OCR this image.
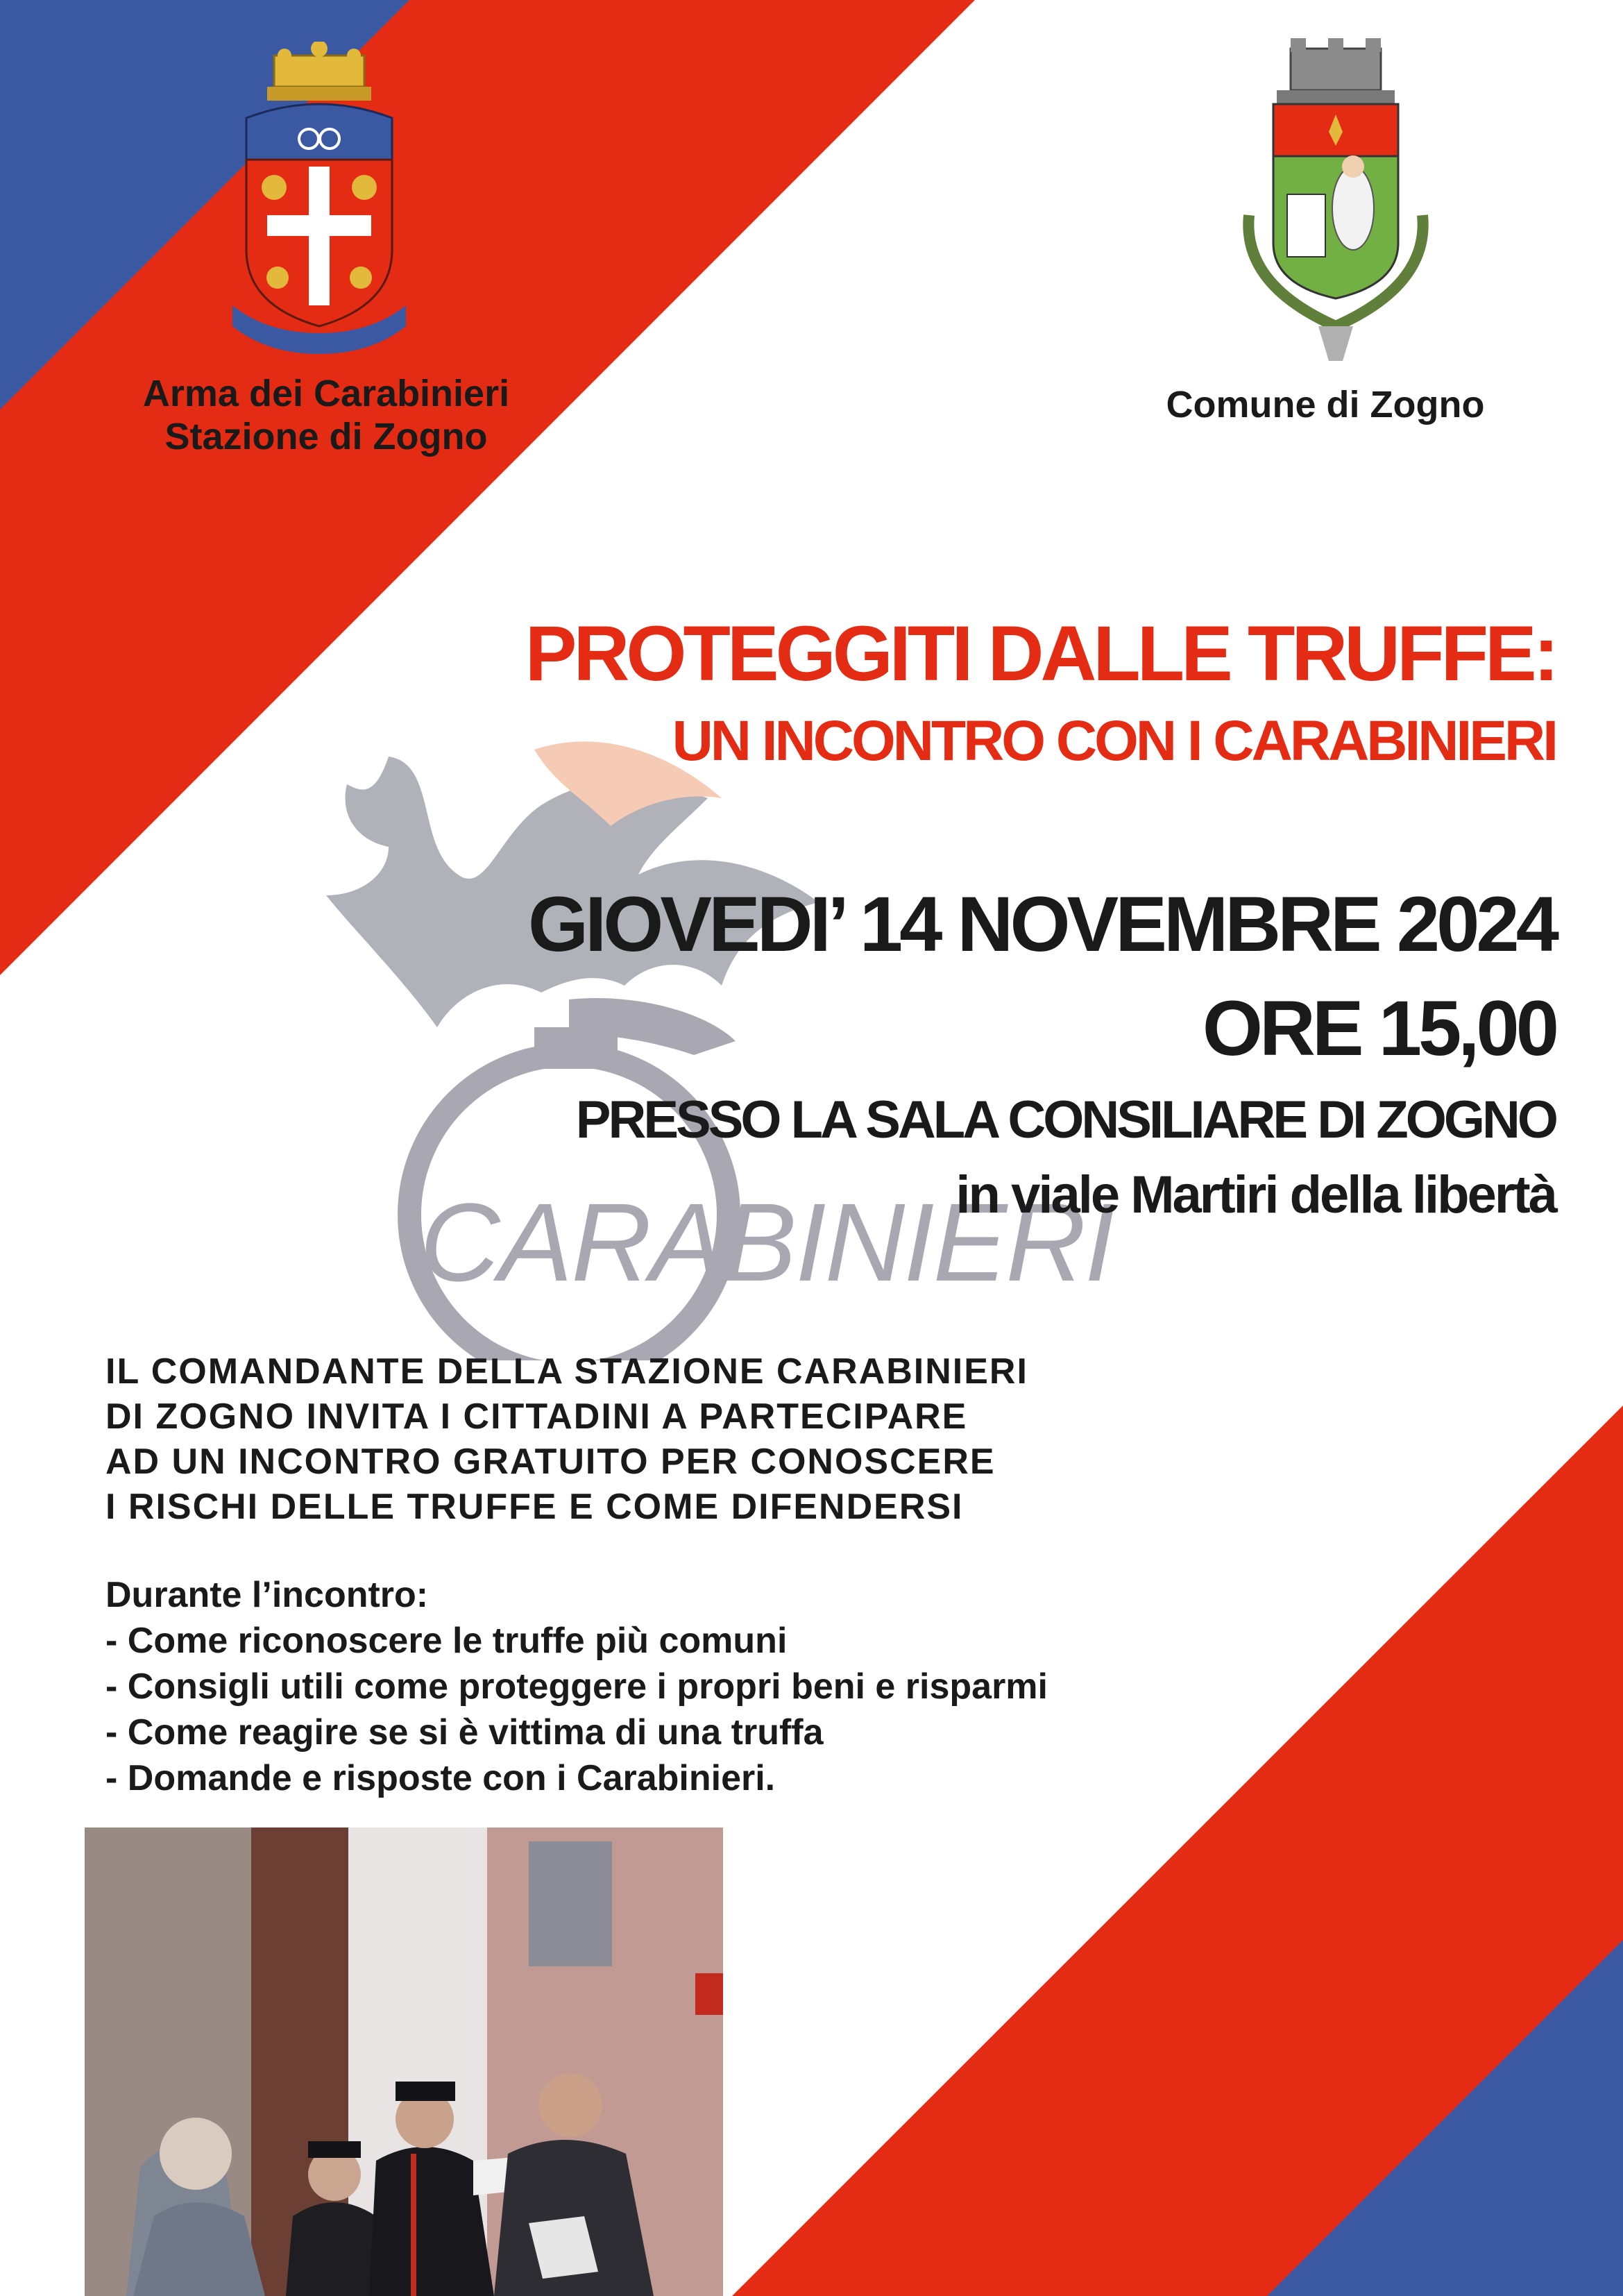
CARABINIERI
Arma dei Carabinieri
Stazione di Zogno
Comune di Zogno
PROTEGGITI DALLE TRUFFE:
UN INCONTRO CON I CARABINIERI
GIOVEDI’ 14 NOVEMBRE 2024
ORE 15,00
PRESSO LA SALA CONSILIARE DI ZOGNO
in viale Martiri della libertà
IL COMANDANTE DELLA STAZIONE CARABINIERI
DI ZOGNO INVITA I CITTADINI A PARTECIPARE
AD UN INCONTRO GRATUITO PER CONOSCERE
I RISCHI DELLE TRUFFE E COME DIFENDERSI
Durante l’incontro:
- Come riconoscere le truffe più comuni
- Consigli utili come proteggere i propri beni e risparmi
- Come reagire se si è vittima di una truffa
- Domande e risposte con i Carabinieri.
